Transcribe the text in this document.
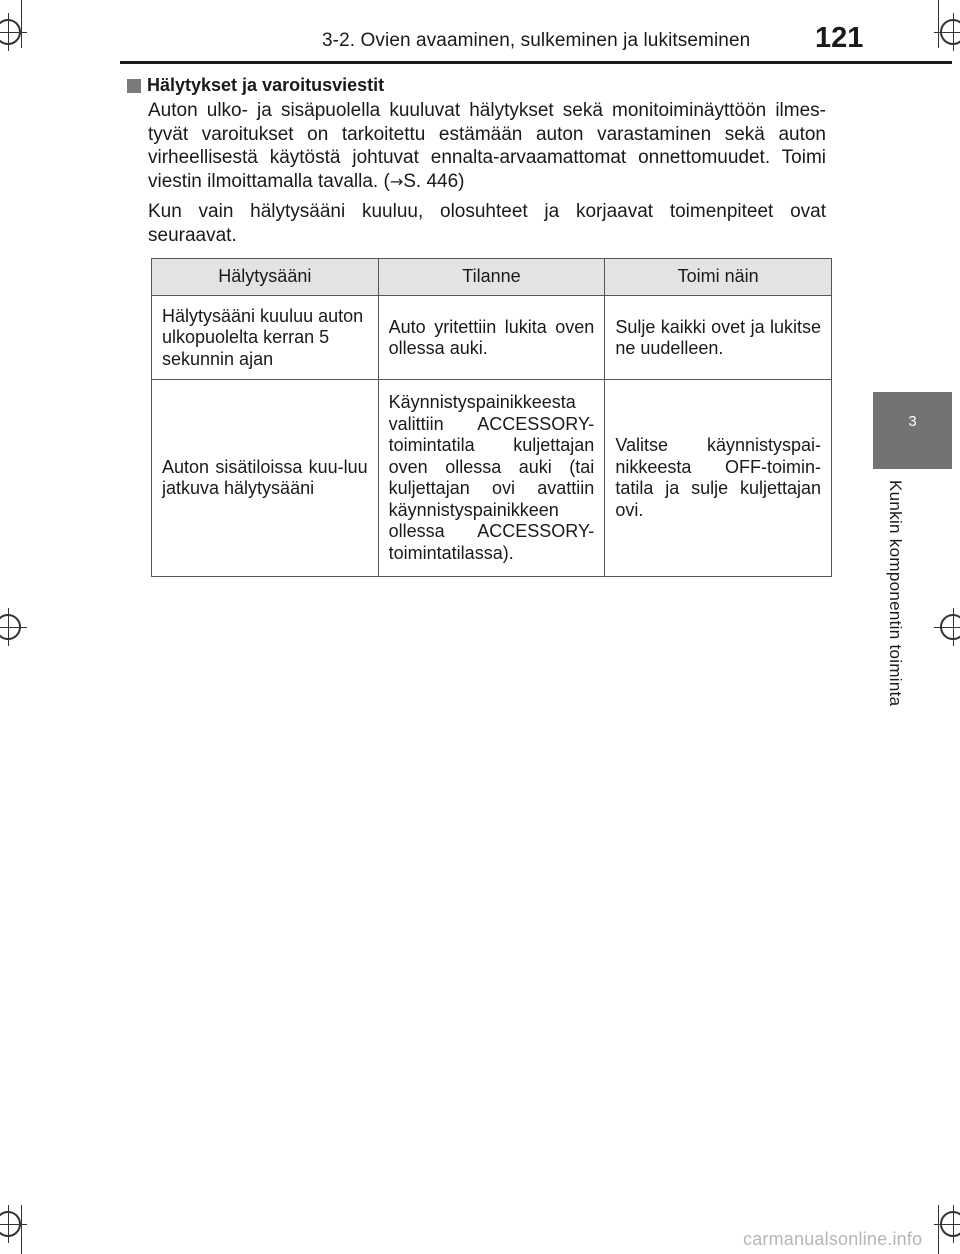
3-2. Ovien avaaminen, sulkeminen ja lukitseminen 121
3
Kunkin komponentin toiminta
Hälytykset ja varoitusviestit

Auton ulko- ja sisäpuolella kuuluvat hälytykset sekä monitoiminäyttöön ilmes-tyvät varoitukset on tarkoitettu estämään auton varastaminen sekä auton virheellisestä käytöstä johtuvat ennalta-arvaamattomat onnettomuudet. Toimi viestin ilmoittamalla tavalla. (→S. 446)

Kun vain hälytysääni kuuluu, olosuhteet ja korjaavat toimenpiteet ovat seuraavat.

Hälytysääni	Tilanne	Toimi näin
Hälytysääni kuuluu auton ulkopuolelta kerran 5 sekunnin ajan	Auto yritettiin lukita oven ollessa auki.	Sulje kaikki ovet ja lukitse ne uudelleen.
Auton sisätiloissa kuu-luu jatkuva hälytysääni	Käynnistyspainikkeesta valittiin ACCESSORY-toimintatila kuljettajan oven ollessa auki (tai kuljettajan ovi avattiin käynnistyspainikkeen ollessa ACCESSORY-toimintatilassa).	Valitse käynnistyspai-nikkeesta OFF-toimin-tatila ja sulje kuljettajan ovi.
carmanualsonline.info
